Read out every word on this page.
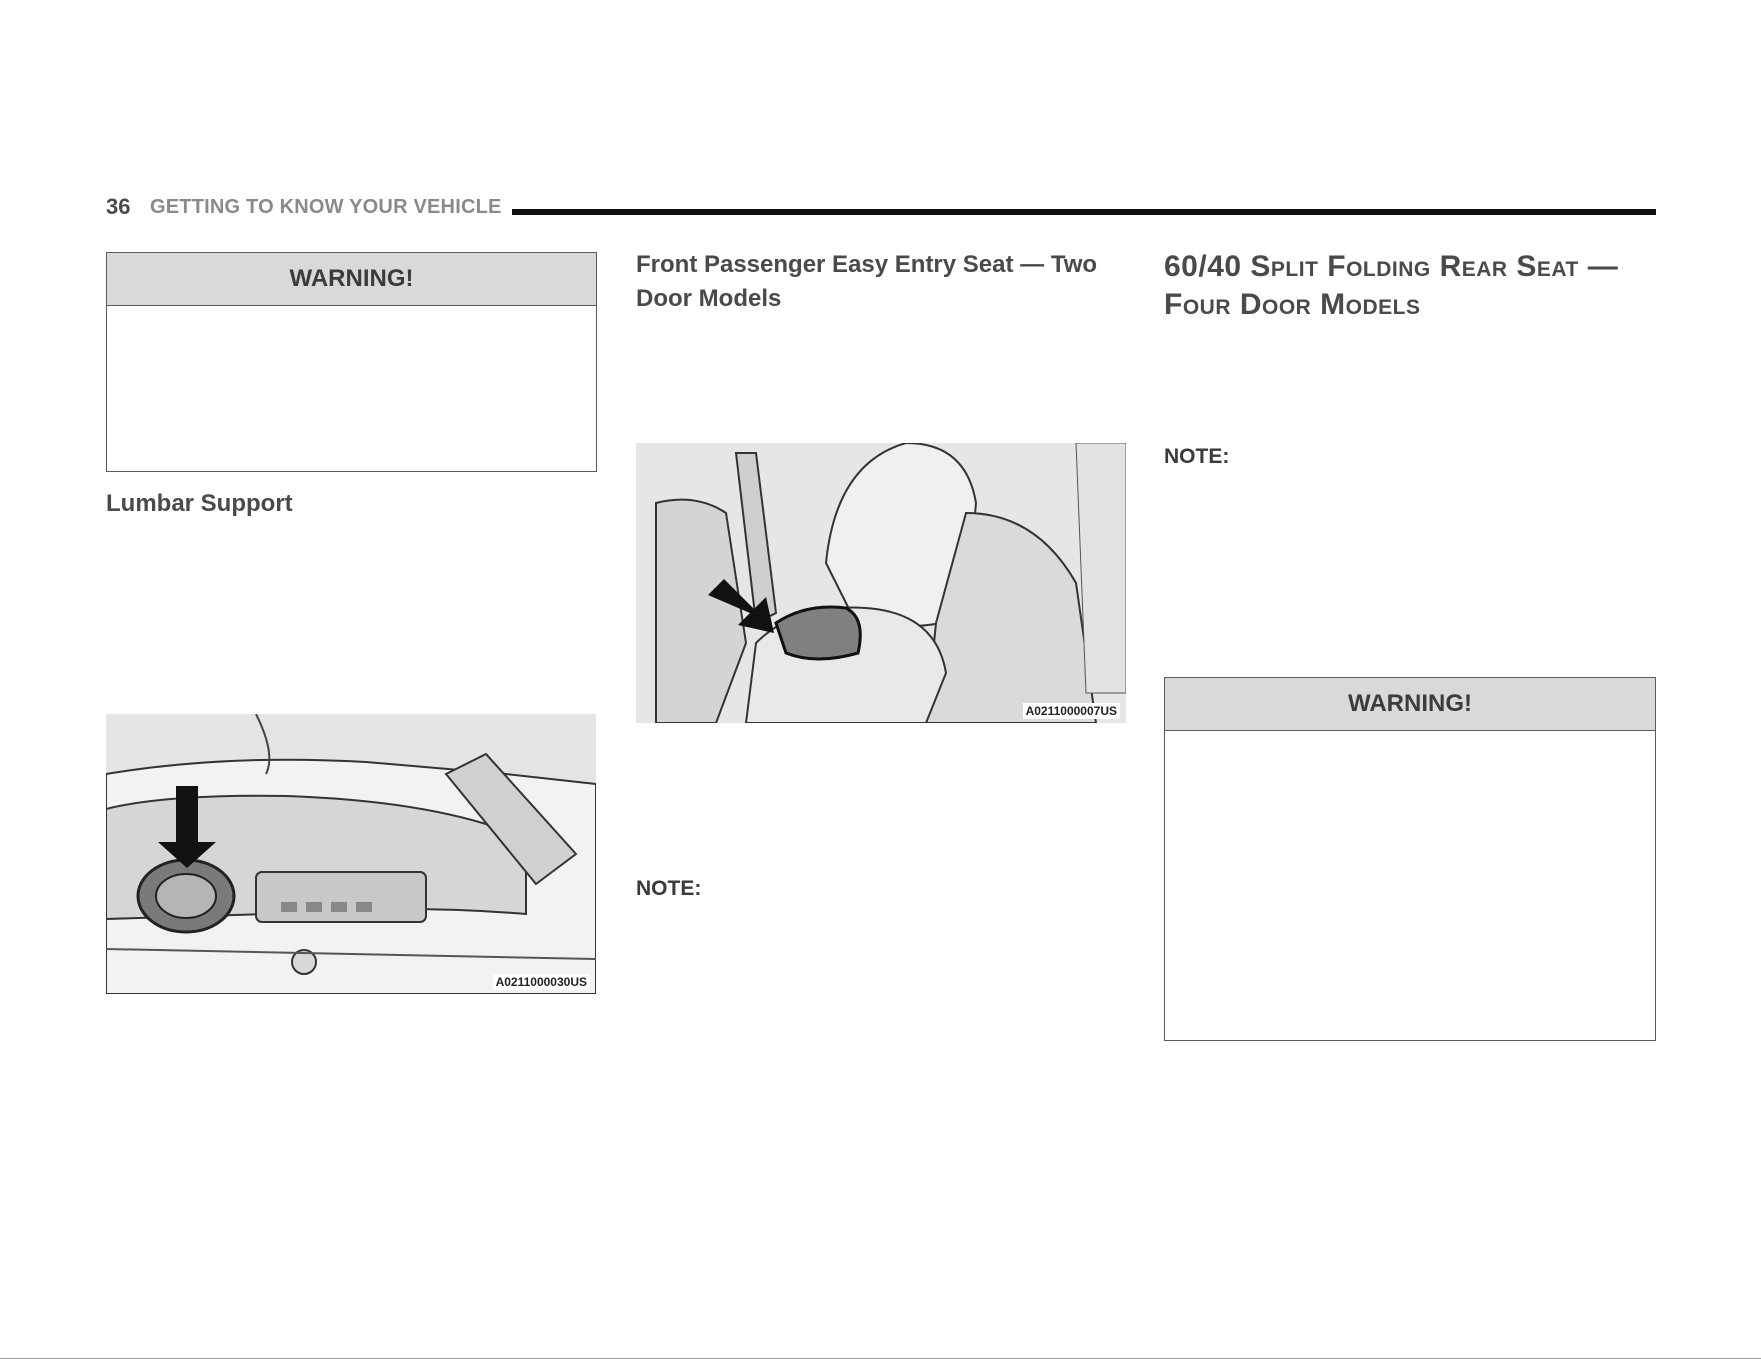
36 GETTING TO KNOW YOUR VEHICLE
WARNING!
Lumbar Support
A0211000030US
Front Passenger Easy Entry Seat — Two Door Models
A0211000007US
NOTE:
60/40 Split Folding Rear Seat — Four Door Models
NOTE:
WARNING!
